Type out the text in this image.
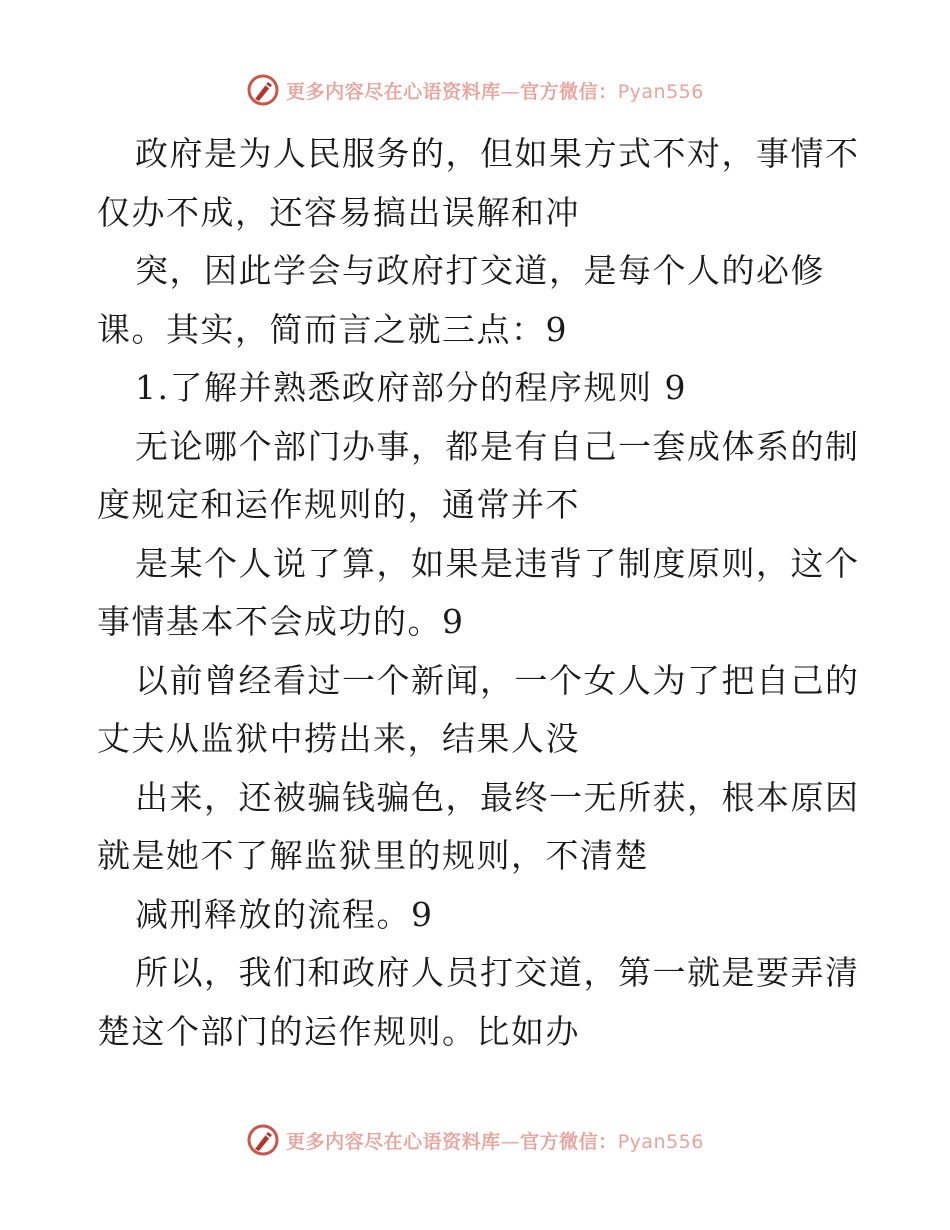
更多内容尽在心语资料库—官方微信：Pyan556
政府是为人民服务的，但如果方式不对，事情不
仅办不成，还容易搞出误解和冲
突，因此学会与政府打交道，是每个人的必修
课。其实，简而言之就三点：9
1.了解并熟悉政府部分的程序规则 9
无论哪个部门办事，都是有自己一套成体系的制
度规定和运作规则的，通常并不
是某个人说了算，如果是违背了制度原则，这个
事情基本不会成功的。9
以前曾经看过一个新闻，一个女人为了把自己的
丈夫从监狱中捞出来，结果人没
出来，还被骗钱骗色，最终一无所获，根本原因
就是她不了解监狱里的规则，不清楚
减刑释放的流程。9
所以，我们和政府人员打交道，第一就是要弄清
楚这个部门的运作规则。比如办
更多内容尽在心语资料库—官方微信：Pyan556
